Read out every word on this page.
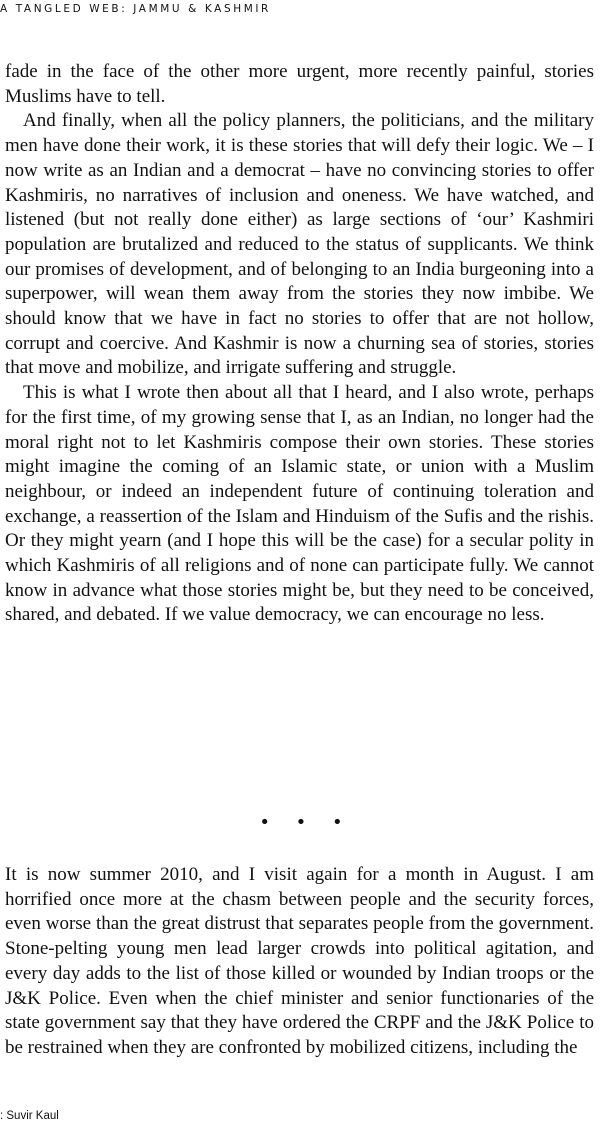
A TANGLED WEB: JAMMU & KASHMIR

fade in the face of the other more urgent, more recently painful, stories Muslims have to tell.

And finally, when all the policy planners, the politicians, and the military men have done their work, it is these stories that will defy their logic. We – I now write as an Indian and a democrat – have no convincing stories to offer Kashmiris, no narratives of inclusion and oneness. We have watched, and listened (but not really done either) as large sections of ‘our’ Kashmiri population are brutalized and reduced to the status of supplicants. We think our promises of development, and of belonging to an India burgeoning into a superpower, will wean them away from the stories they now imbibe. We should know that we have in fact no stories to offer that are not hollow, corrupt and coercive. And Kashmir is now a churning sea of stories, stories that move and mobilize, and irrigate suffering and struggle.

This is what I wrote then about all that I heard, and I also wrote, perhaps for the first time, of my growing sense that I, as an Indian, no longer had the moral right not to let Kashmiris compose their own stories. These stories might imagine the coming of an Islamic state, or union with a Muslim neighbour, or indeed an independent future of continuing toleration and exchange, a reassertion of the Islam and Hinduism of the Sufis and the rishis. Or they might yearn (and I hope this will be the case) for a secular polity in which Kashmiris of all religions and of none can participate fully. We cannot know in advance what those stories might be, but they need to be conceived, shared, and debated. If we value democracy, we can encourage no less.

• • •

It is now summer 2010, and I visit again for a month in August. I am horrified once more at the chasm between people and the security forces, even worse than the great distrust that separates people from the government. Stone-pelting young men lead larger crowds into political agitation, and every day adds to the list of those killed or wounded by Indian troops or the J&K Police. Even when the chief minister and senior functionaries of the state government say that they have ordered the CRPF and the J&K Police to be restrained when they are confronted by mobilized citizens, including the

: Suvir Kaul
